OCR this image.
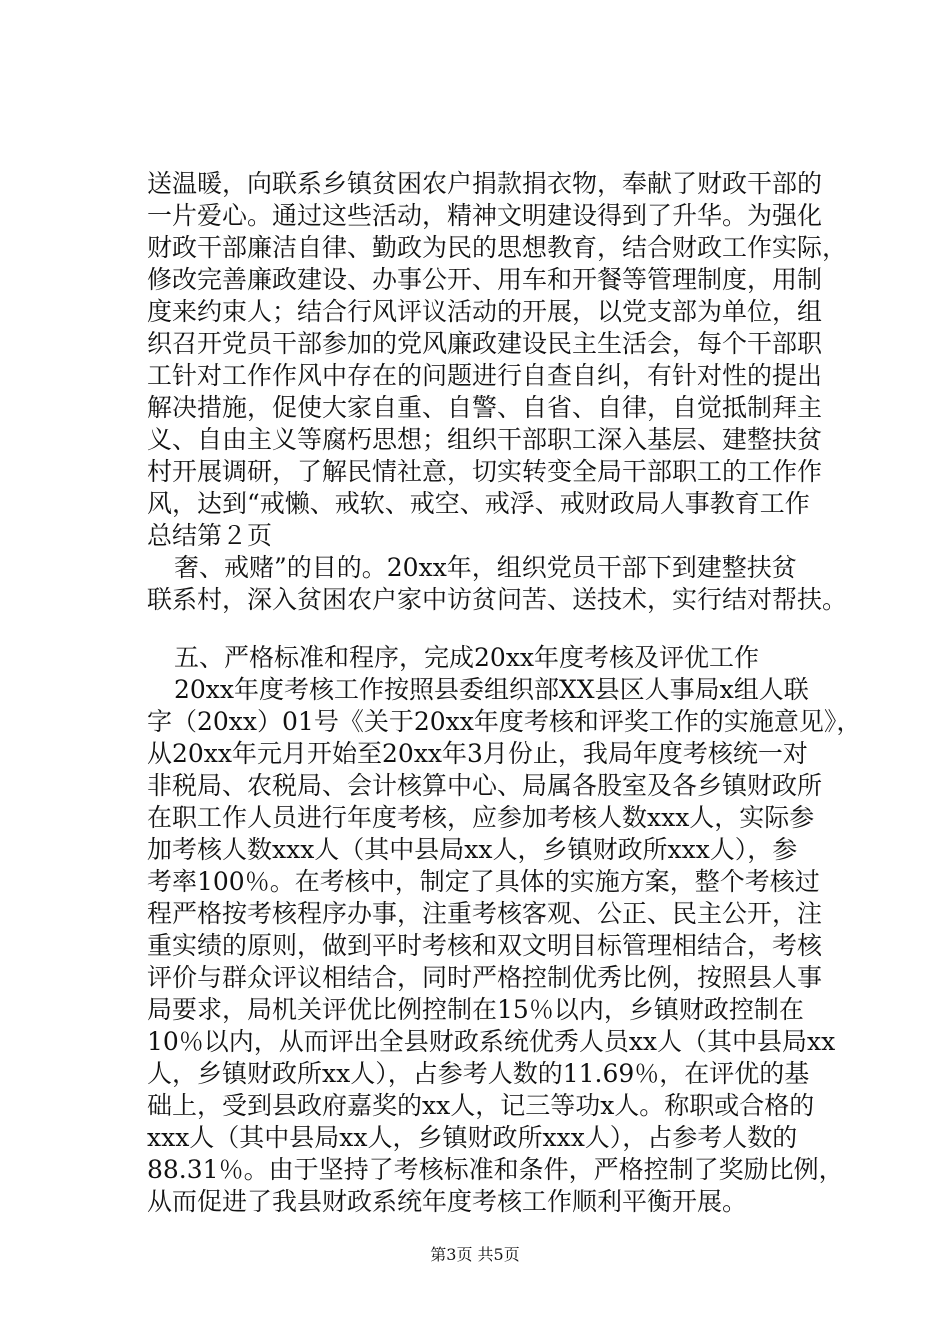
送温暖，向联系乡镇贫困农户捐款捐衣物，奉献了财政干部的
一片爱心。通过这些活动，精神文明建设得到了升华。为强化
财政干部廉洁自律、勤政为民的思想教育，结合财政工作实际，
修改完善廉政建设、办事公开、用车和开餐等管理制度，用制
度来约束人；结合行风评议活动的开展，以党支部为单位，组
织召开党员干部参加的党风廉政建设民主生活会，每个干部职
工针对工作作风中存在的问题进行自查自纠，有针对性的提出
解决措施，促使大家自重、自警、自省、自律，自觉抵制拜主
义、自由主义等腐朽思想；组织干部职工深入基层、建整扶贫
村开展调研，了解民情社意，切实转变全局干部职工的工作作
风，达到“戒懒、戒软、戒空、戒浮、戒财政局人事教育工作
总结第２页
奢、戒赌”的目的。20xx年，组织党员干部下到建整扶贫
联系村，深入贫困农户家中访贫问苦、送技术，实行结对帮扶。
五、严格标准和程序，完成20xx年度考核及评优工作
20xx年度考核工作按照县委组织部XX县区人事局x组人联
字（20xx）01号《关于20xx年度考核和评奖工作的实施意见》，
从20xx年元月开始至20xx年3月份止，我局年度考核统一对
非税局、农税局、会计核算中心、局属各股室及各乡镇财政所
在职工作人员进行年度考核，应参加考核人数xxx人，实际参
加考核人数xxx人（其中县局xx人，乡镇财政所xxx人），参
考率100％。在考核中，制定了具体的实施方案，整个考核过
程严格按考核程序办事，注重考核客观、公正、民主公开，注
重实绩的原则，做到平时考核和双文明目标管理相结合，考核
评价与群众评议相结合，同时严格控制优秀比例，按照县人事
局要求，局机关评优比例控制在15％以内，乡镇财政控制在
10％以内，从而评出全县财政系统优秀人员xx人（其中县局xx
人，乡镇财政所xx人），占参考人数的11.69％，在评优的基
础上，受到县政府嘉奖的xx人，记三等功x人。称职或合格的
xxx人（其中县局xx人，乡镇财政所xxx人），占参考人数的
88.31％。由于坚持了考核标准和条件，严格控制了奖励比例，
从而促进了我县财政系统年度考核工作顺利平衡开展。
第3页 共5页
